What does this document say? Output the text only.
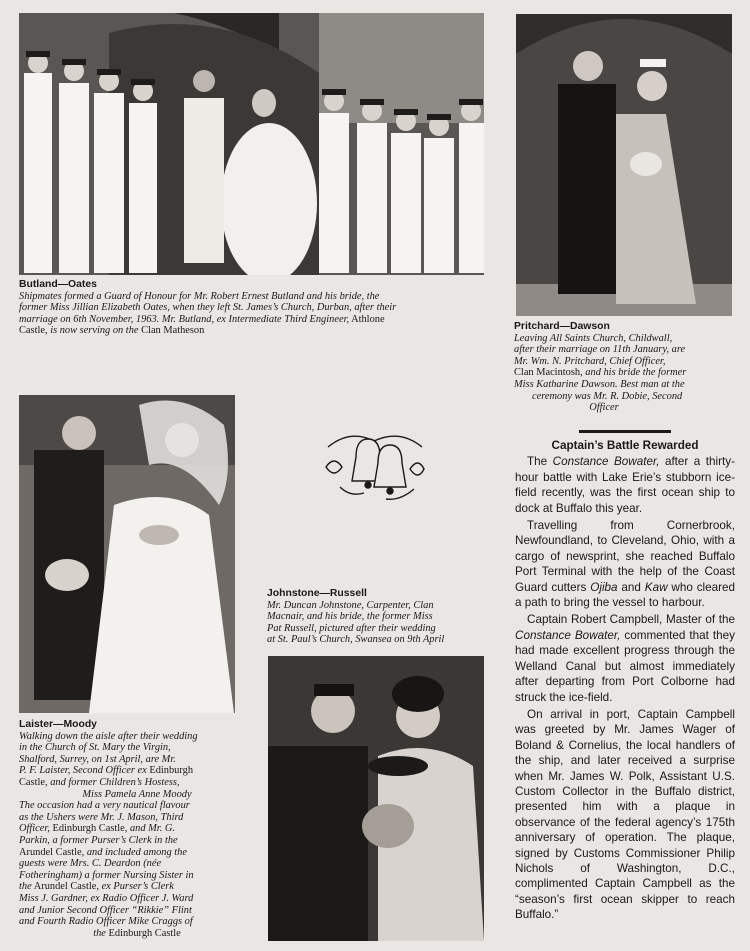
Butland—Oates
Shipmates formed a Guard of Honour for Mr. Robert Ernest Butland and his bride, the
former Miss Jillian Elizabeth Oates, when they left St. James’s Church, Durban, after their
marriage on 6th November, 1963. Mr. Butland, ex Intermediate Third Engineer, Athlone
Castle, is now serving on the Clan Matheson	Pritchard—Dawson
Leaving All Saints Church, Childwall,
after their marriage on 11th January, are
Mr. Wm. N. Pritchard, Chief Officer,
Clan Macintosh, and his bride the former
Miss Katharine Dawson. Best man at the
ceremony was Mr. R. Dobie, Second
Officer
Laister—Moody
Walking down the aisle after their wedding
in the Church of St. Mary the Virgin,
Shalford, Surrey, on 1st April, are Mr.
P. F. Laister, Second Officer ex Edinburgh
Castle, and former Children’s Hostess,
Miss Pamela Anne Moody
The occasion had a very nautical flavour
as the Ushers were Mr. J. Mason, Third
Officer, Edinburgh Castle, and Mr. G.
Parkin, a former Purser’s Clerk in the
Arundel Castle, and included among the
guests were Mrs. C. Deardon (née
Fotheringham) a former Nursing Sister in
the Arundel Castle, ex Purser’s Clerk
Miss J. Gardner, ex Radio Officer J. Ward
and Junior Second Officer “Rikkie” Flint
and Fourth Radio Officer Mike Craggs of
the Edinburgh Castle
Johnstone—Russell
Mr. Duncan Johnstone, Carpenter, Clan
Macnair, and his bride, the former Miss
Pat Russell, pictured after their wedding
at St. Paul’s Church, Swansea on 9th April
Captain’s Battle Rewarded

The Constance Bowater, after a thirty-hour battle with Lake Erie’s stubborn ice-field recently, was the first ocean ship to dock at Buffalo this year.

Travelling from Cornerbrook, Newfoundland, to Cleveland, Ohio, with a cargo of newsprint, she reached Buffalo Port Terminal with the help of the Coast Guard cutters Ojiba and Kaw who cleared a path to bring the vessel to harbour.

Captain Robert Campbell, Master of the Constance Bowater, commented that they had made excellent progress through the Welland Canal but almost immediately after departing from Port Colborne had struck the ice-field.

On arrival in port, Captain Campbell was greeted by Mr. James Wager of Boland & Cornelius, the local handlers of the ship, and later received a surprise when Mr. James W. Polk, Assistant U.S. Custom Collector in the Buffalo district, presented him with a plaque in observance of the federal agency’s 175th anniversary of operation. The plaque, signed by Customs Commissioner Philip Nichols of Washington, D.C., complimented Captain Campbell as the “season’s first ocean skipper to reach Buffalo.”
